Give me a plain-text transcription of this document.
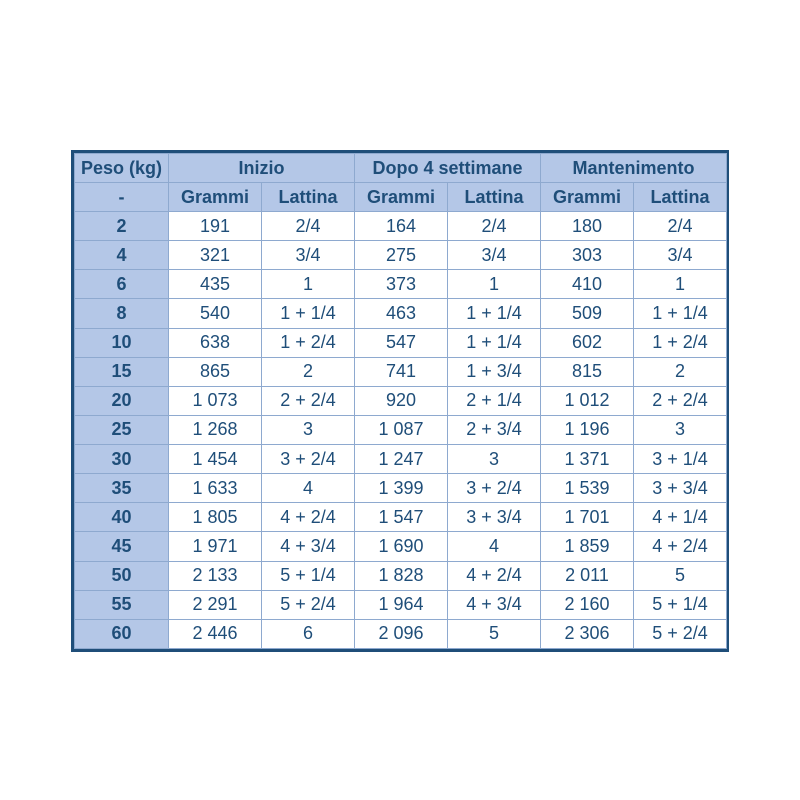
Peso (kg)	Inizio		Dopo 4 settimane		Mantenimento	
-	Grammi	Lattina	Grammi	Lattina	Grammi	Lattina
2	191	2/4	164	2/4	180	2/4
4	321	3/4	275	3/4	303	3/4
6	435	1	373	1	410	1
8	540	1 + 1/4	463	1 + 1/4	509	1 + 1/4
10	638	1 + 2/4	547	1 + 1/4	602	1 + 2/4
15	865	2	741	1 + 3/4	815	2
20	1 073	2 + 2/4	920	2 + 1/4	1 012	2 + 2/4
25	1 268	3	1 087	2 + 3/4	1 196	3
30	1 454	3 + 2/4	1 247	3	1 371	3 + 1/4
35	1 633	4	1 399	3 + 2/4	1 539	3 + 3/4
40	1 805	4 + 2/4	1 547	3 + 3/4	1 701	4 + 1/4
45	1 971	4 + 3/4	1 690	4	1 859	4 + 2/4
50	2 133	5 + 1/4	1 828	4 + 2/4	2 011	5
55	2 291	5 + 2/4	1 964	4 + 3/4	2 160	5 + 1/4
60	2 446	6	2 096	5	2 306	5 + 2/4
